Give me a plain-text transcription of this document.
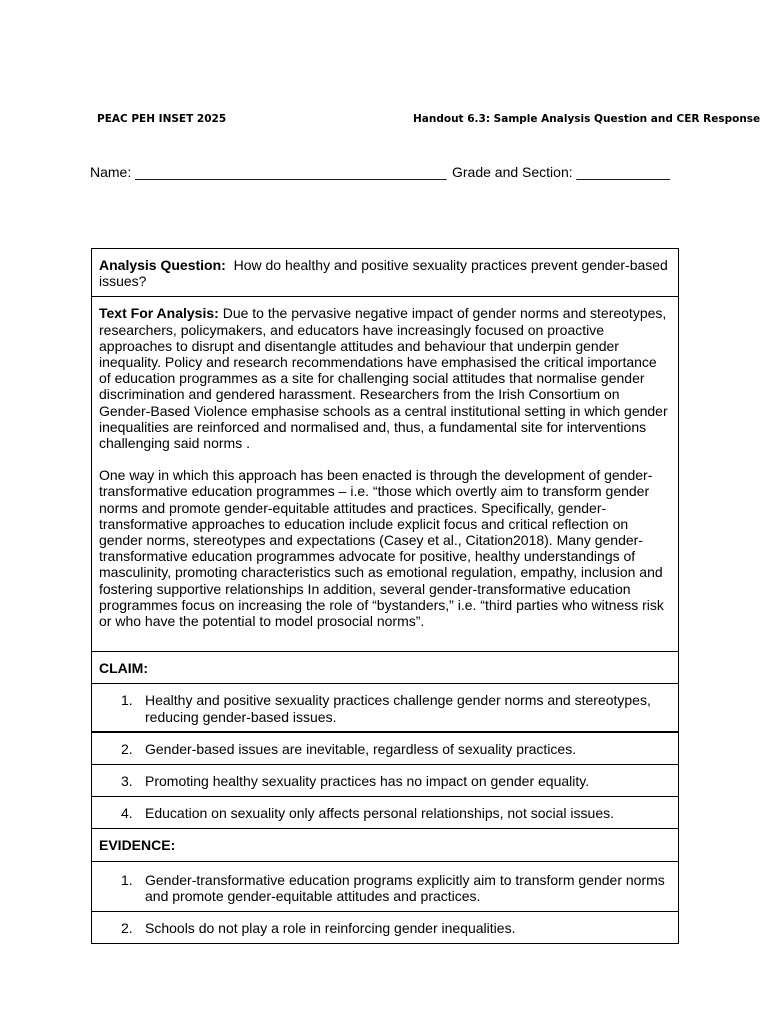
PEAC PEH INSET 2025	Handout 6.3: Sample Analysis Question and CER Response
Name: ________________________________________ Grade and Section: ____________
Analysis Question: How do healthy and positive sexuality practices prevent gender-based issues?

Text For Analysis: Due to the pervasive negative impact of gender norms and stereotypes, researchers, policymakers, and educators have increasingly focused on proactive approaches to disrupt and disentangle attitudes and behaviour that underpin gender inequality. Policy and research recommendations have emphasised the critical importance of education programmes as a site for challenging social attitudes that normalise gender discrimination and gendered harassment. Researchers from the Irish Consortium on Gender-Based Violence emphasise schools as a central institutional setting in which gender inequalities are reinforced and normalised and, thus, a fundamental site for interventions challenging said norms .

One way in which this approach has been enacted is through the development of gender-transformative education programmes – i.e. “those which overtly aim to transform gender norms and promote gender-equitable attitudes and practices. Specifically, gender-transformative approaches to education include explicit focus and critical reflection on gender norms, stereotypes and expectations (Casey et al., Citation2018). Many gender-transformative education programmes advocate for positive, healthy understandings of masculinity, promoting characteristics such as emotional regulation, empathy, inclusion and fostering supportive relationships In addition, several gender-transformative education programmes focus on increasing the role of “bystanders,” i.e. “third parties who witness risk or who have the potential to model prosocial norms”.

CLAIM:
1. Healthy and positive sexuality practices challenge gender norms and stereotypes, reducing gender-based issues.
2. Gender-based issues are inevitable, regardless of sexuality practices.
3. Promoting healthy sexuality practices has no impact on gender equality.
4. Education on sexuality only affects personal relationships, not social issues.
EVIDENCE:
1. Gender-transformative education programs explicitly aim to transform gender norms and promote gender-equitable attitudes and practices.
2. Schools do not play a role in reinforcing gender inequalities.
